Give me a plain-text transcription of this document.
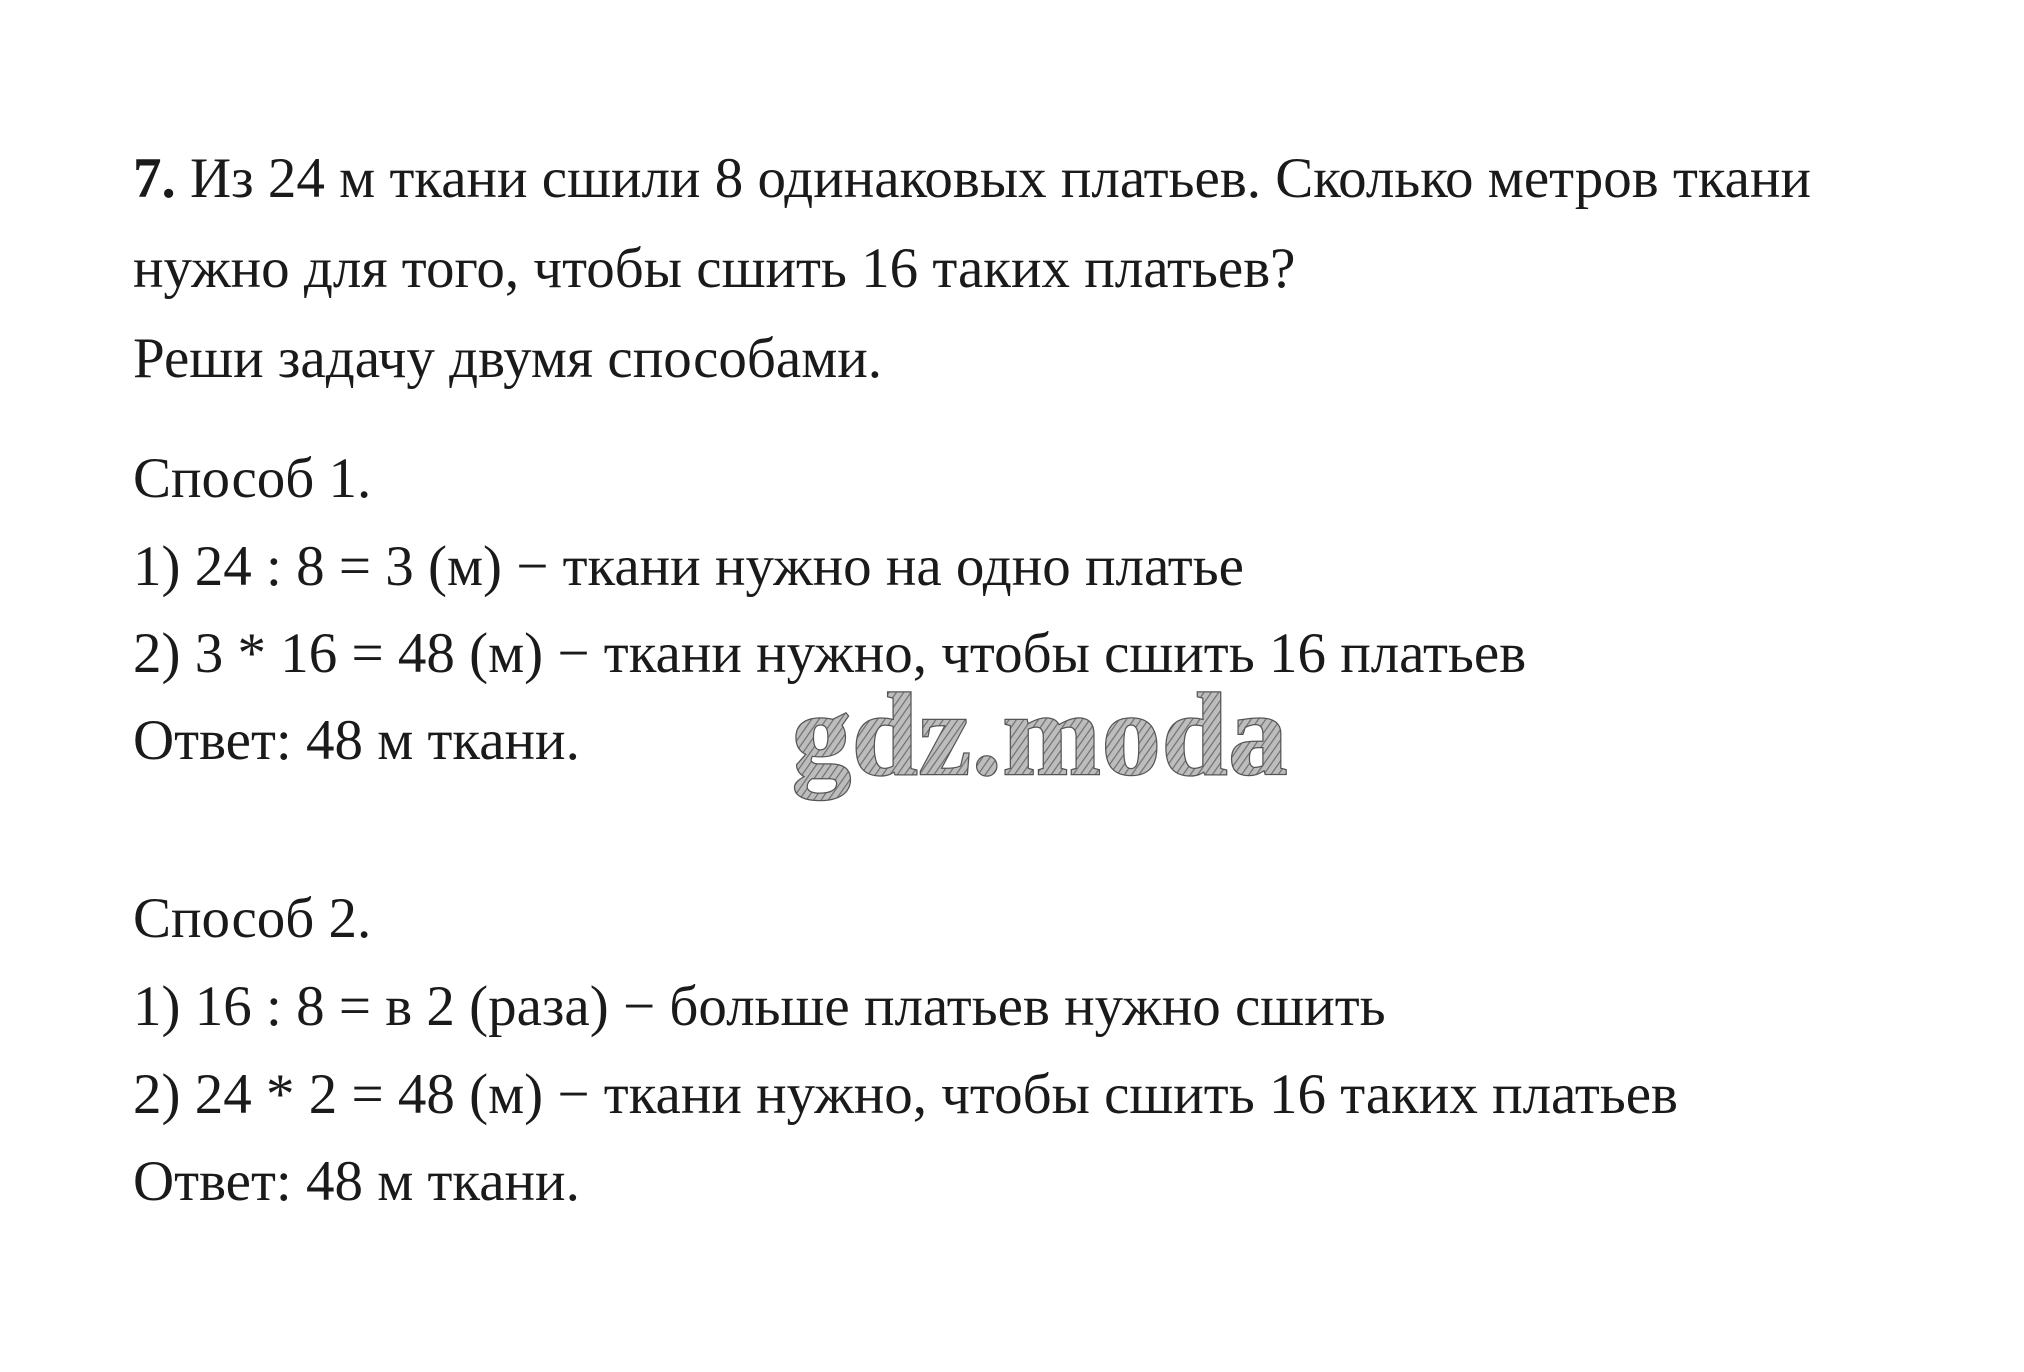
7. Из 24 м ткани сшили 8 одинаковых платьев. Сколько метров ткани
нужно для того, чтобы сшить 16 таких платьев?
Реши задачу двумя способами.
Способ 1.
1) 24 : 8 = 3 (м) − ткани нужно на одно платье
2) 3 * 16 = 48 (м) − ткани нужно, чтобы сшить 16 платьев
Ответ: 48 м ткани. gdz.moda
Способ 2.
1) 16 : 8 = в 2 (раза) − больше платьев нужно сшить
2) 24 * 2 = 48 (м) − ткани нужно, чтобы сшить 16 таких платьев
Ответ: 48 м ткани.
